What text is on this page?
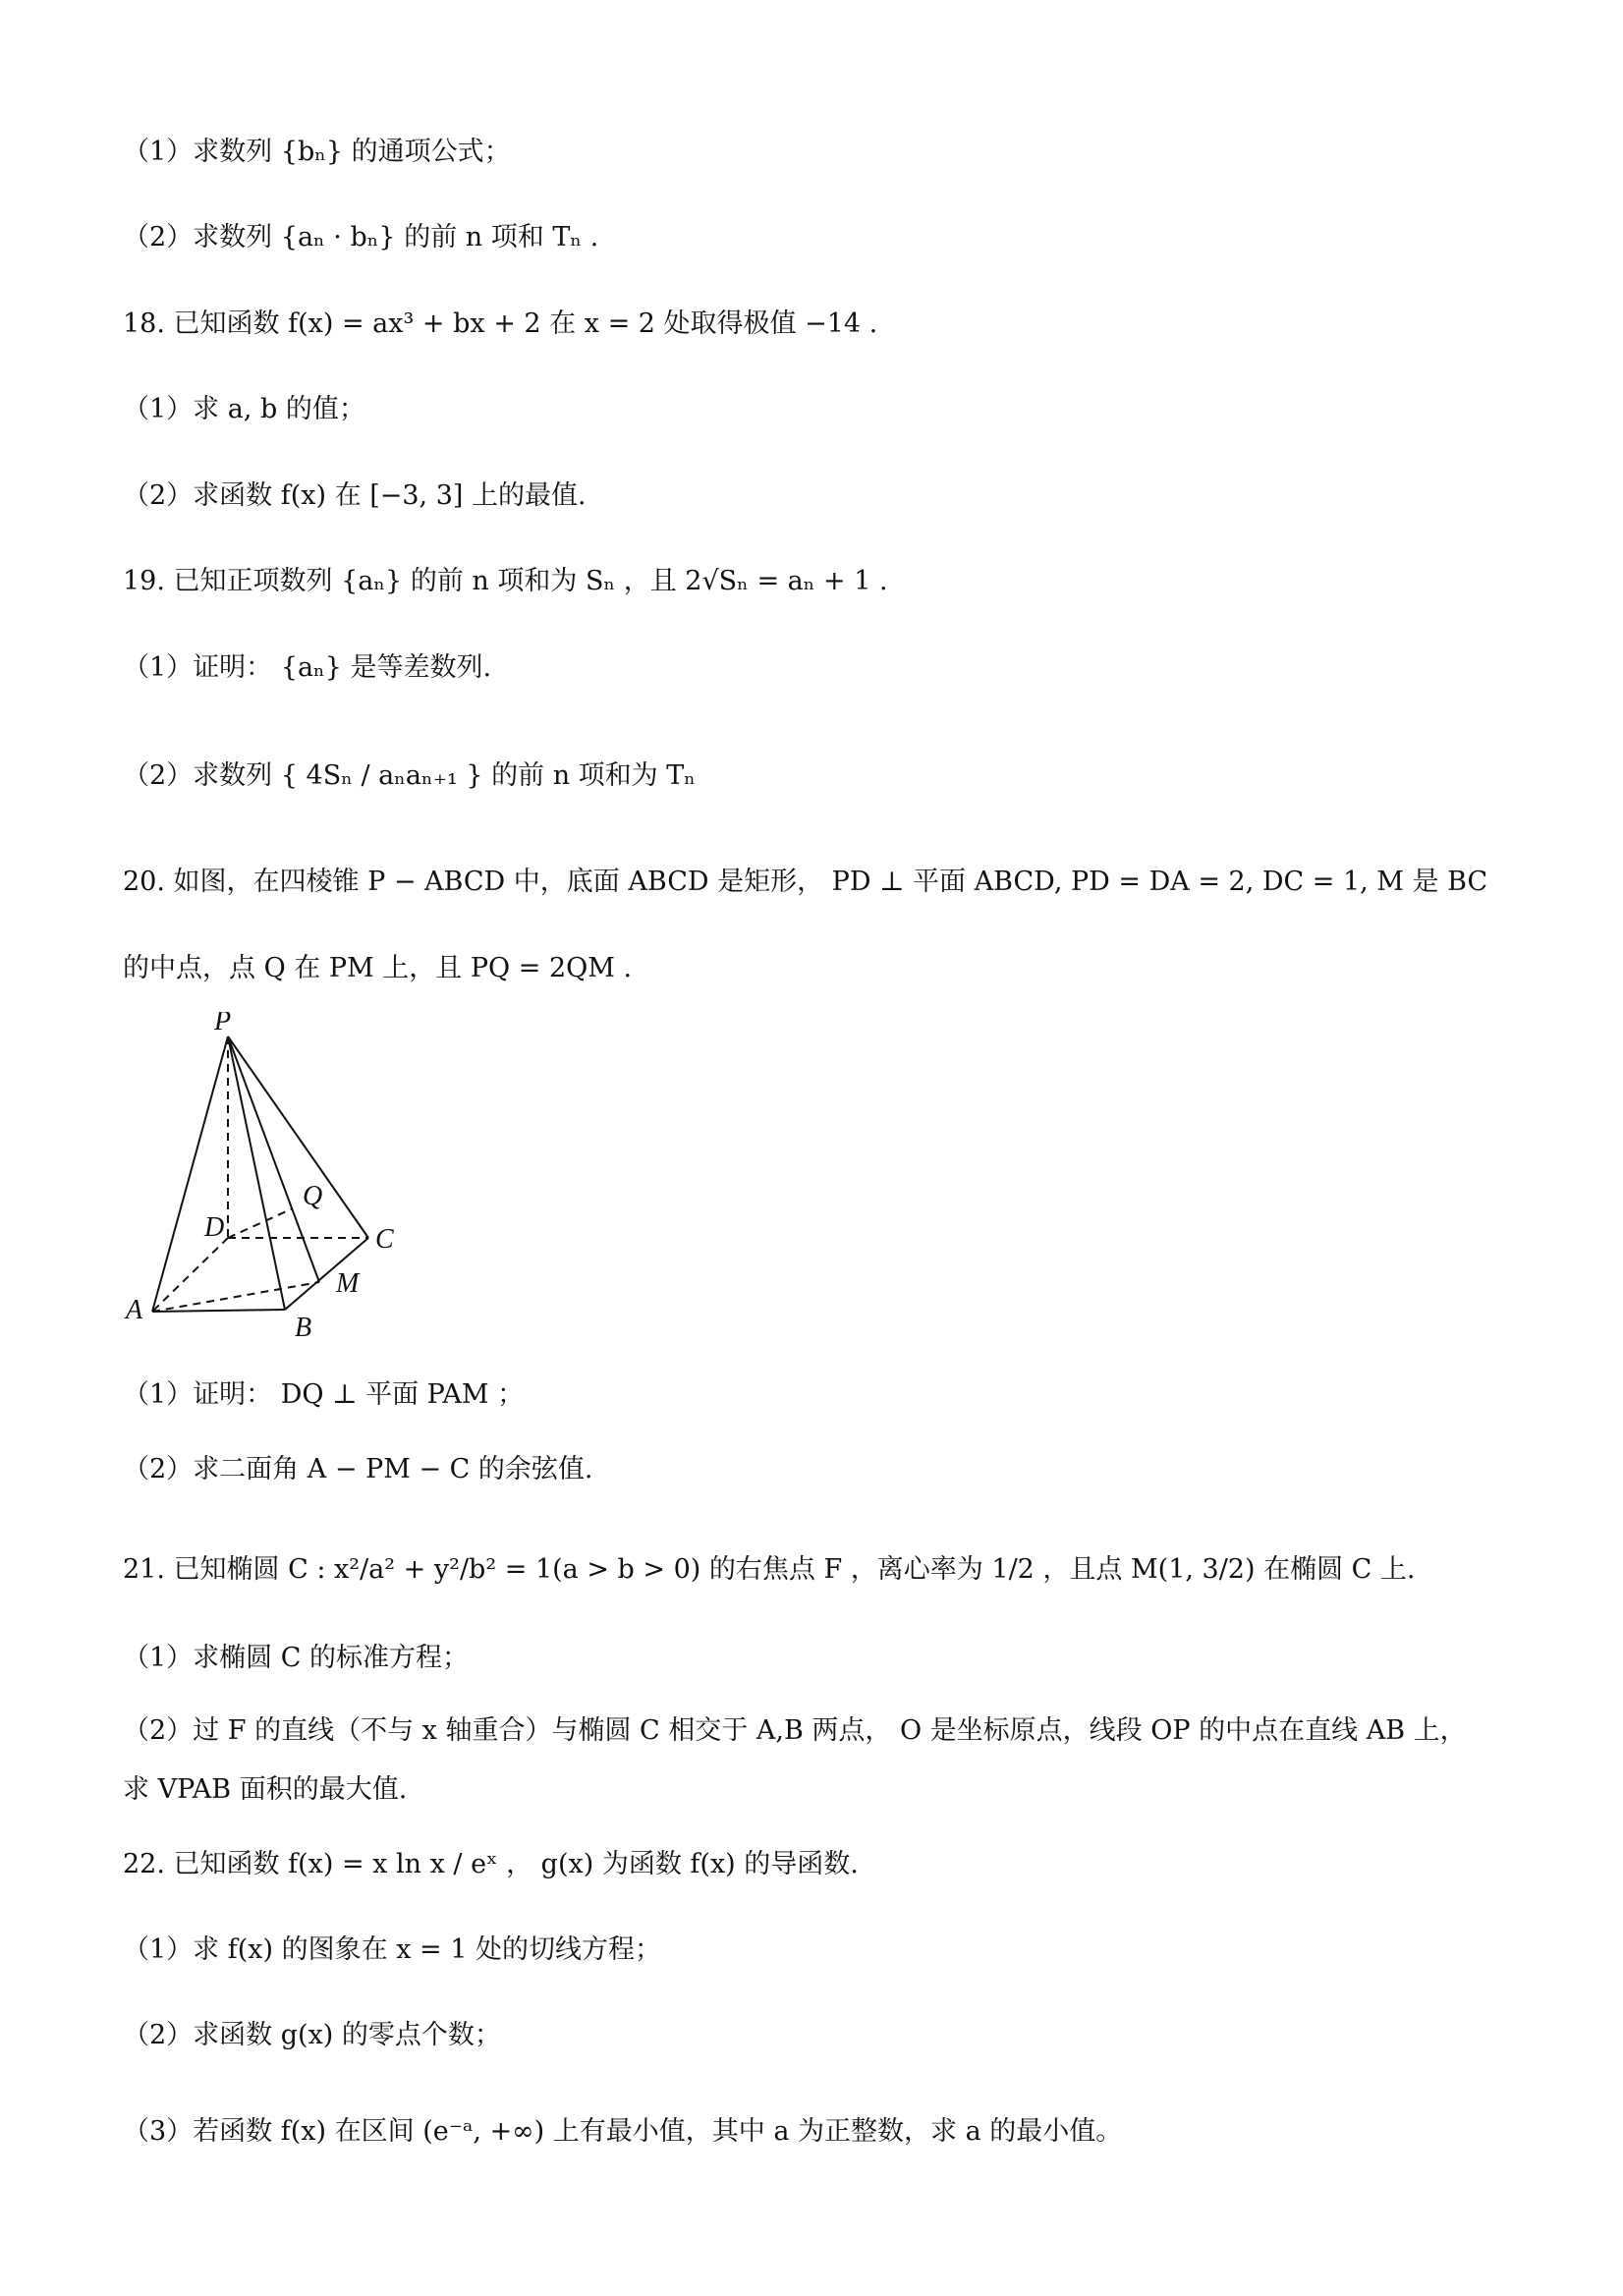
（1）求数列 {bₙ} 的通项公式；
（2）求数列 {aₙ · bₙ} 的前 n 项和 Tₙ .
18. 已知函数 f(x) = ax³ + bx + 2 在 x = 2 处取得极值 −14 .
（1）求 a, b 的值；
（2）求函数 f(x) 在 [−3, 3] 上的最值.
19. 已知正项数列 {aₙ} 的前 n 项和为 Sₙ ，且 2√Sₙ = aₙ + 1 .
（1）证明： {aₙ} 是等差数列.
（2）求数列 { 4Sₙ / aₙaₙ₊₁ } 的前 n 项和为 Tₙ
20. 如图，在四棱锥 P − ABCD 中，底面 ABCD 是矩形， PD ⊥ 平面 ABCD, PD = DA = 2, DC = 1, M 是 BC
的中点，点 Q 在 PM 上，且 PQ = 2QM .
P
Q
D	C
M
A
B
（1）证明： DQ ⊥ 平面 PAM ；
（2）求二面角 A − PM − C 的余弦值.
21. 已知椭圆 C : x²/a² + y²/b² = 1(a > b > 0) 的右焦点 F ，离心率为 1/2 ，且点 M(1, 3/2) 在椭圆 C 上.
（1）求椭圆 C 的标准方程；
（2）过 F 的直线（不与 x 轴重合）与椭圆 C 相交于 A,B 两点， O 是坐标原点，线段 OP 的中点在直线 AB 上，
求 VPAB 面积的最大值.
22. 已知函数 f(x) = x ln x / eˣ ， g(x) 为函数 f(x) 的导函数.
（1）求 f(x) 的图象在 x = 1 处的切线方程；
（2）求函数 g(x) 的零点个数；
（3）若函数 f(x) 在区间 (e⁻ᵃ, +∞) 上有最小值，其中 a 为正整数，求 a 的最小值。
